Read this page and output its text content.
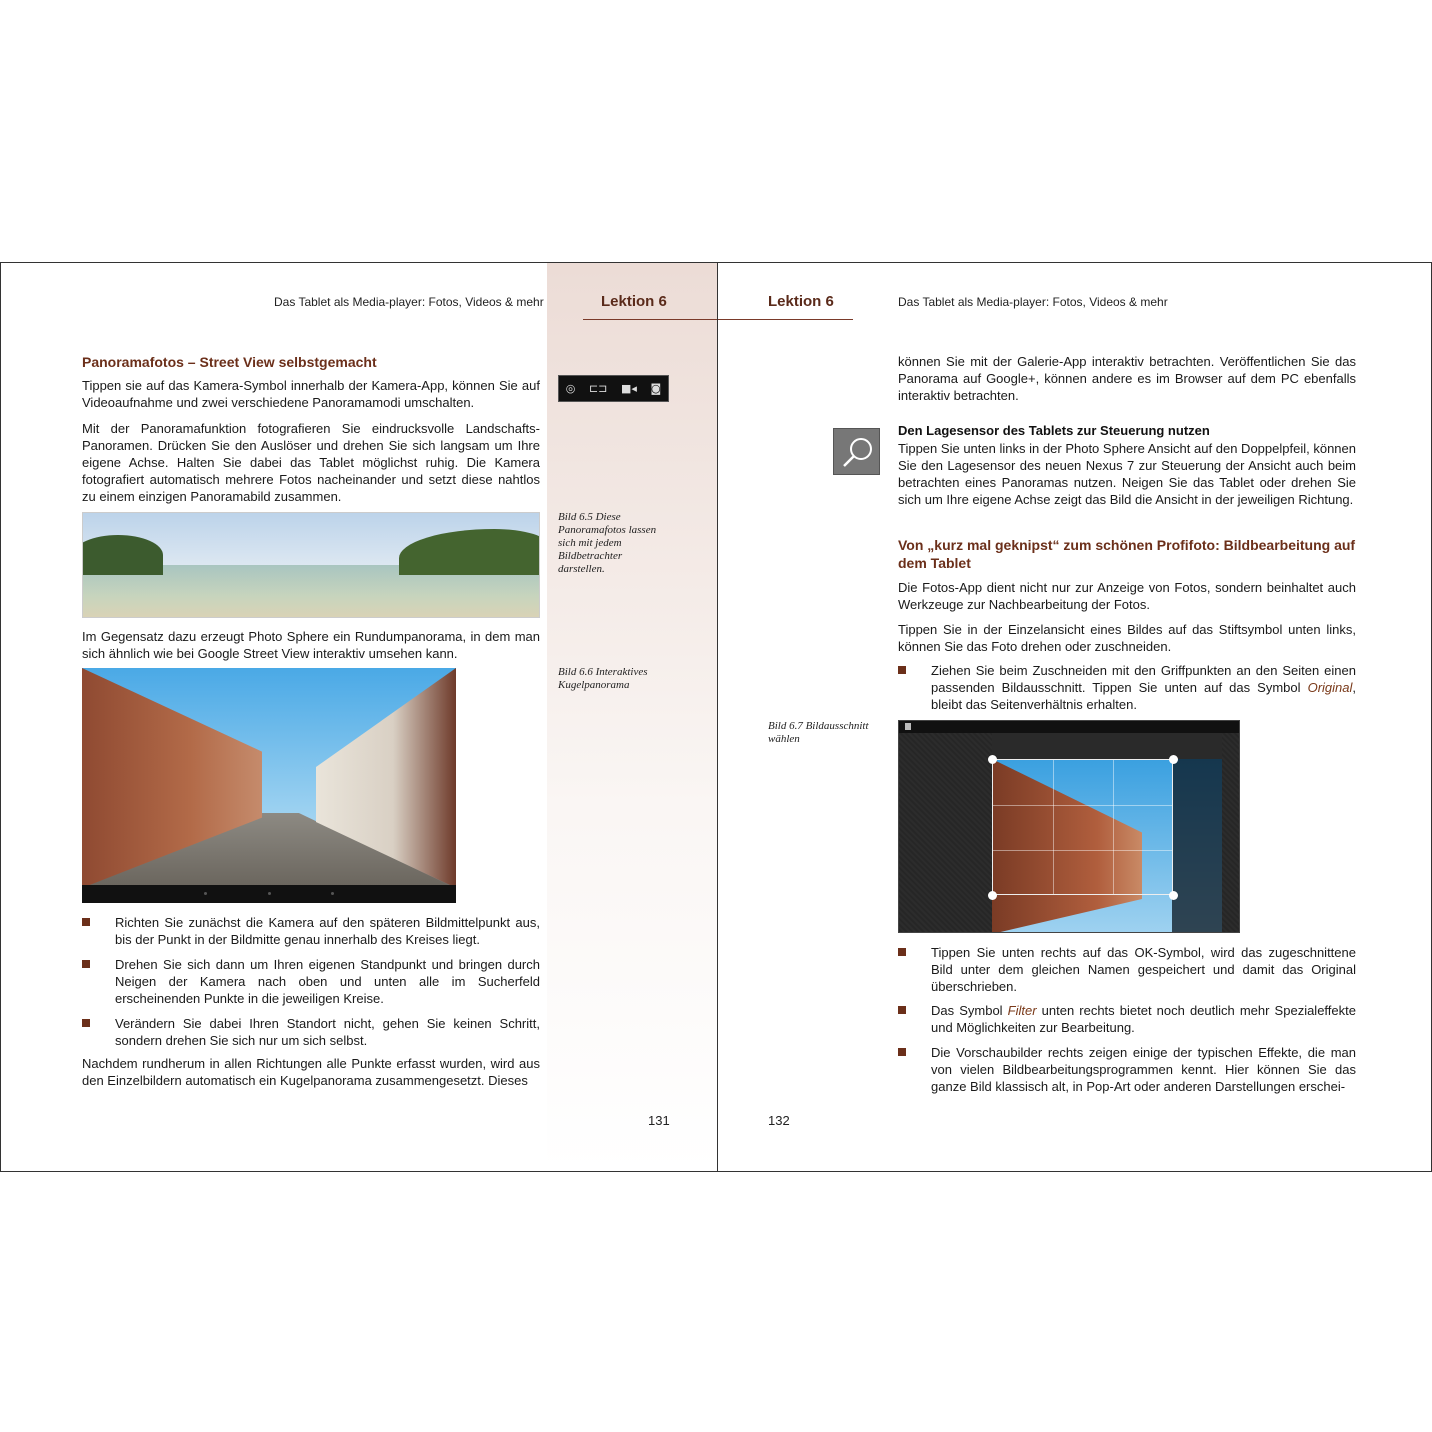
Das Tablet als Media-player: Fotos, Videos & mehr	Lektion 6
Panoramafotos – Street View selbstgemacht
Tippen sie auf das Kamera-Symbol innerhalb der Kamera-App, können Sie auf Videoaufnahme und zwei verschiedene Panoramamodi umschalten.
Mit der Panoramafunktion fotografieren Sie eindrucksvolle Landschafts-Panoramen. Drücken Sie den Auslöser und drehen Sie sich langsam um Ihre eigene Achse. Halten Sie dabei das Tablet möglichst ruhig. Die Kamera fotografiert automatisch mehrere Fotos nacheinander und setzt diese nahtlos zu einem einzigen Panoramabild zusammen.
◎ ⊏⊐ ■◂ ◙
Bild 6.5 Diese Panoramafotos lassen sich mit jedem Bildbetrachter darstellen.
Im Gegensatz dazu erzeugt Photo Sphere ein Rundumpanorama, in dem man sich ähnlich wie bei Google Street View interaktiv umsehen kann.
Bild 6.6 Interaktives Kugelpanorama
Richten Sie zunächst die Kamera auf den späteren Bildmittelpunkt aus, bis der Punkt in der Bildmitte genau innerhalb des Kreises liegt.
Drehen Sie sich dann um Ihren eigenen Standpunkt und bringen durch Neigen der Kamera nach oben und unten alle im Sucherfeld erscheinenden Punkte in die jeweiligen Kreise.
Verändern Sie dabei Ihren Standort nicht, gehen Sie keinen Schritt, sondern drehen Sie sich nur um sich selbst.
Nachdem rundherum in allen Richtungen alle Punkte erfasst wurden, wird aus den Einzelbildern automatisch ein Kugelpanorama zusammengesetzt. Dieses
131
Lektion 6	Das Tablet als Media-player: Fotos, Videos & mehr
können Sie mit der Galerie-App interaktiv betrachten. Veröffentlichen Sie das Panorama auf Google+, können andere es im Browser auf dem PC ebenfalls interaktiv betrachten.
Den Lagesensor des Tablets zur Steuerung nutzen
Tippen Sie unten links in der Photo Sphere Ansicht auf den Doppelpfeil, können Sie den Lagesensor des neuen Nexus 7 zur Steuerung der Ansicht auch beim betrachten eines Panoramas nutzen. Neigen Sie das Tablet oder drehen Sie sich um Ihre eigene Achse zeigt das Bild die Ansicht in der jeweiligen Richtung.
Von „kurz mal geknipst“ zum schönen Profifoto: Bildbearbeitung auf dem Tablet
Die Fotos-App dient nicht nur zur Anzeige von Fotos, sondern beinhaltet auch Werkzeuge zur Nachbearbeitung der Fotos.
Tippen Sie in der Einzelansicht eines Bildes auf das Stiftsymbol unten links, können Sie das Foto drehen oder zuschneiden.
Ziehen Sie beim Zuschneiden mit den Griffpunkten an den Seiten einen passenden Bildausschnitt. Tippen Sie unten auf das Symbol Original, bleibt das Seitenverhältnis erhalten.
Bild 6.7 Bildausschnitt wählen
Tippen Sie unten rechts auf das OK-Symbol, wird das zugeschnittene Bild unter dem gleichen Namen gespeichert und damit das Original überschrieben.
Das Symbol Filter unten rechts bietet noch deutlich mehr Spezialeffekte und Möglichkeiten zur Bearbeitung.
Die Vorschaubilder rechts zeigen einige der typischen Effekte, die man von vielen Bildbearbeitungsprogrammen kennt. Hier können Sie das ganze Bild klassisch alt, in Pop-Art oder anderen Darstellungen erschei-
132
